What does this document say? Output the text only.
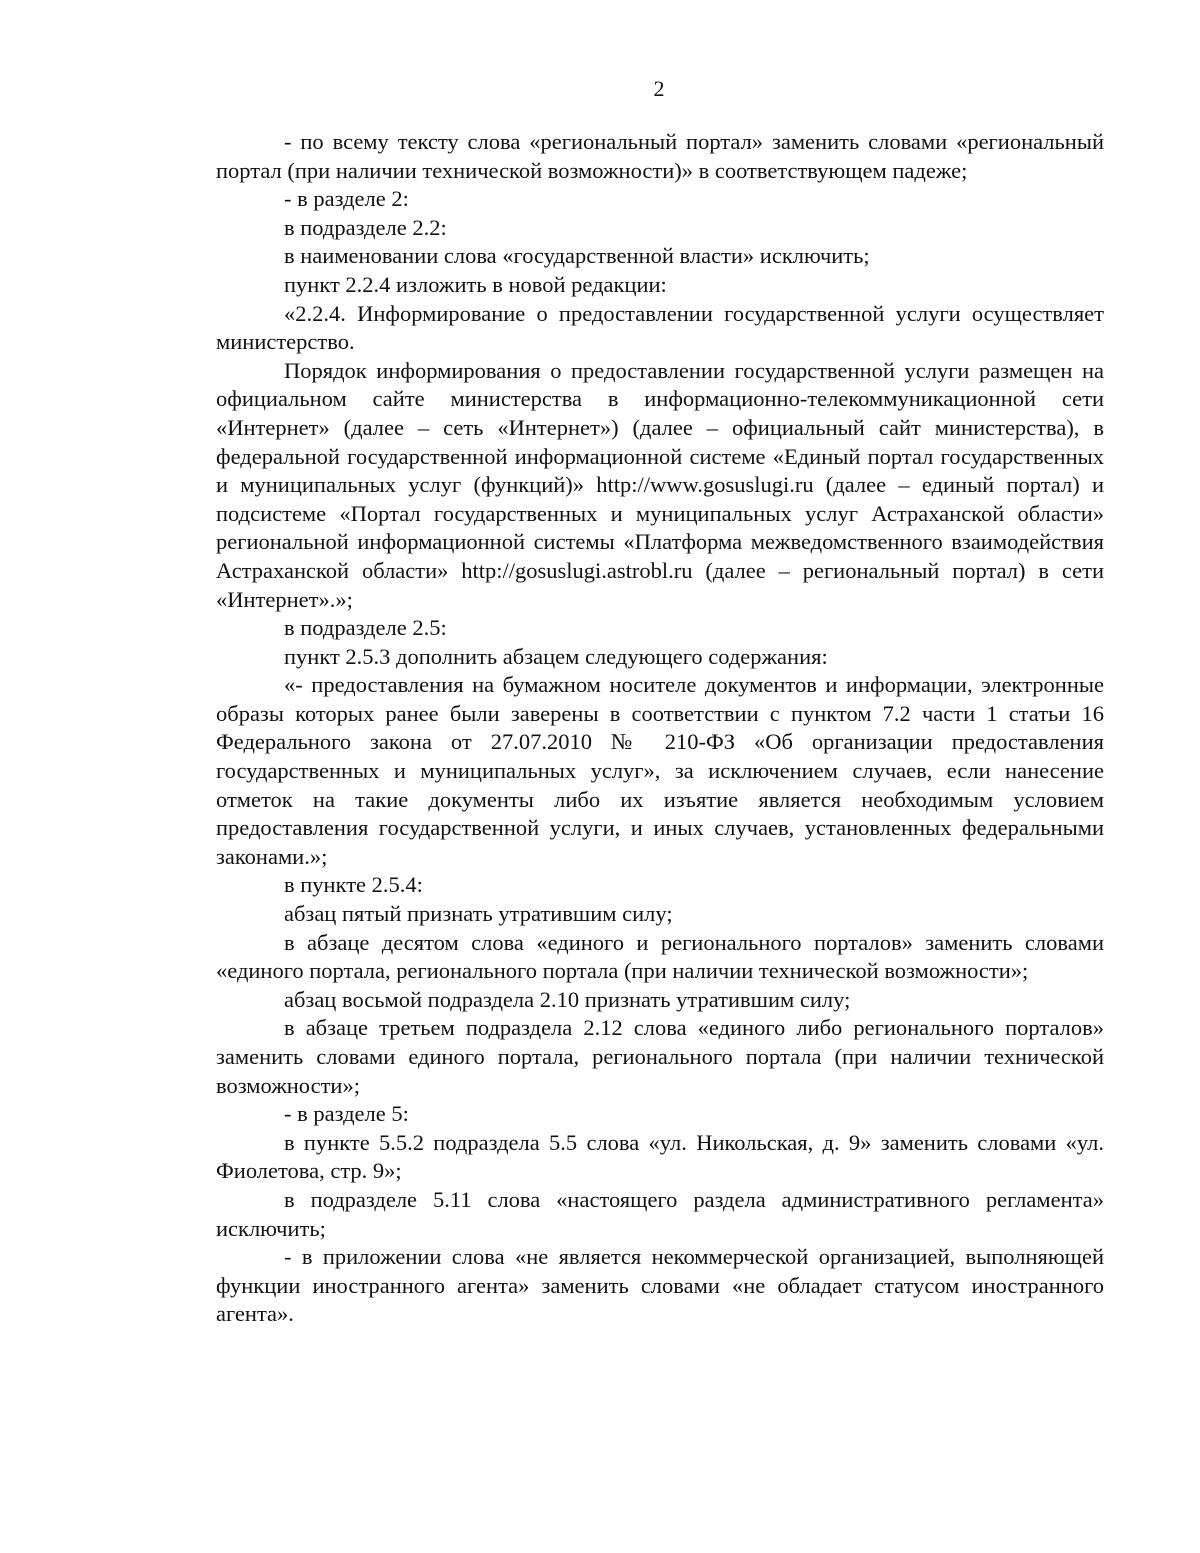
2

- по всему тексту слова «региональный портал» заменить словами «региональный портал (при наличии технической возможности)» в соответствующем падеже;

- в разделе 2:

в подразделе 2.2:

в наименовании слова «государственной власти» исключить;

пункт 2.2.4 изложить в новой редакции:

«2.2.4. Информирование о предоставлении государственной услуги осуществляет министерство.

Порядок информирования о предоставлении государственной услуги размещен на официальном сайте министерства в информационно-телекоммуникационной сети «Интернет» (далее – сеть «Интернет») (далее – официальный сайт министерства), в федеральной государственной информационной системе «Единый портал государственных и муниципальных услуг (функций)» http://www.gosuslugi.ru (далее – единый портал) и подсистеме «Портал государственных и муниципальных услуг Астраханской области» региональной информационной системы «Платформа межведомственного взаимодействия Астраханской области» http://gosuslugi.astrobl.ru (далее – региональный портал) в сети «Интернет».»;

в подразделе 2.5:

пункт 2.5.3 дополнить абзацем следующего содержания:

«- предоставления на бумажном носителе документов и информации, электронные образы которых ранее были заверены в соответствии с пунктом 7.2 части 1 статьи 16 Федерального закона от 27.07.2010 № 210-ФЗ «Об организации предоставления государственных и муниципальных услуг», за исключением случаев, если нанесение отметок на такие документы либо их изъятие является необходимым условием предоставления государственной услуги, и иных случаев, установленных федеральными законами.»;

в пункте 2.5.4:

абзац пятый признать утратившим силу;

в абзаце десятом слова «единого и регионального порталов» заменить словами «единого портала, регионального портала (при наличии технической возможности»;

абзац восьмой подраздела 2.10 признать утратившим силу;

в абзаце третьем подраздела 2.12 слова «единого либо регионального порталов» заменить словами единого портала, регионального портала (при наличии технической возможности»;

- в разделе 5:

в пункте 5.5.2 подраздела 5.5 слова «ул. Никольская, д. 9» заменить словами «ул. Фиолетова, стр. 9»;

в подразделе 5.11 слова «настоящего раздела административного регламента» исключить;

- в приложении слова «не является некоммерческой организацией, выполняющей функции иностранного агента» заменить словами «не обладает статусом иностранного агента».
